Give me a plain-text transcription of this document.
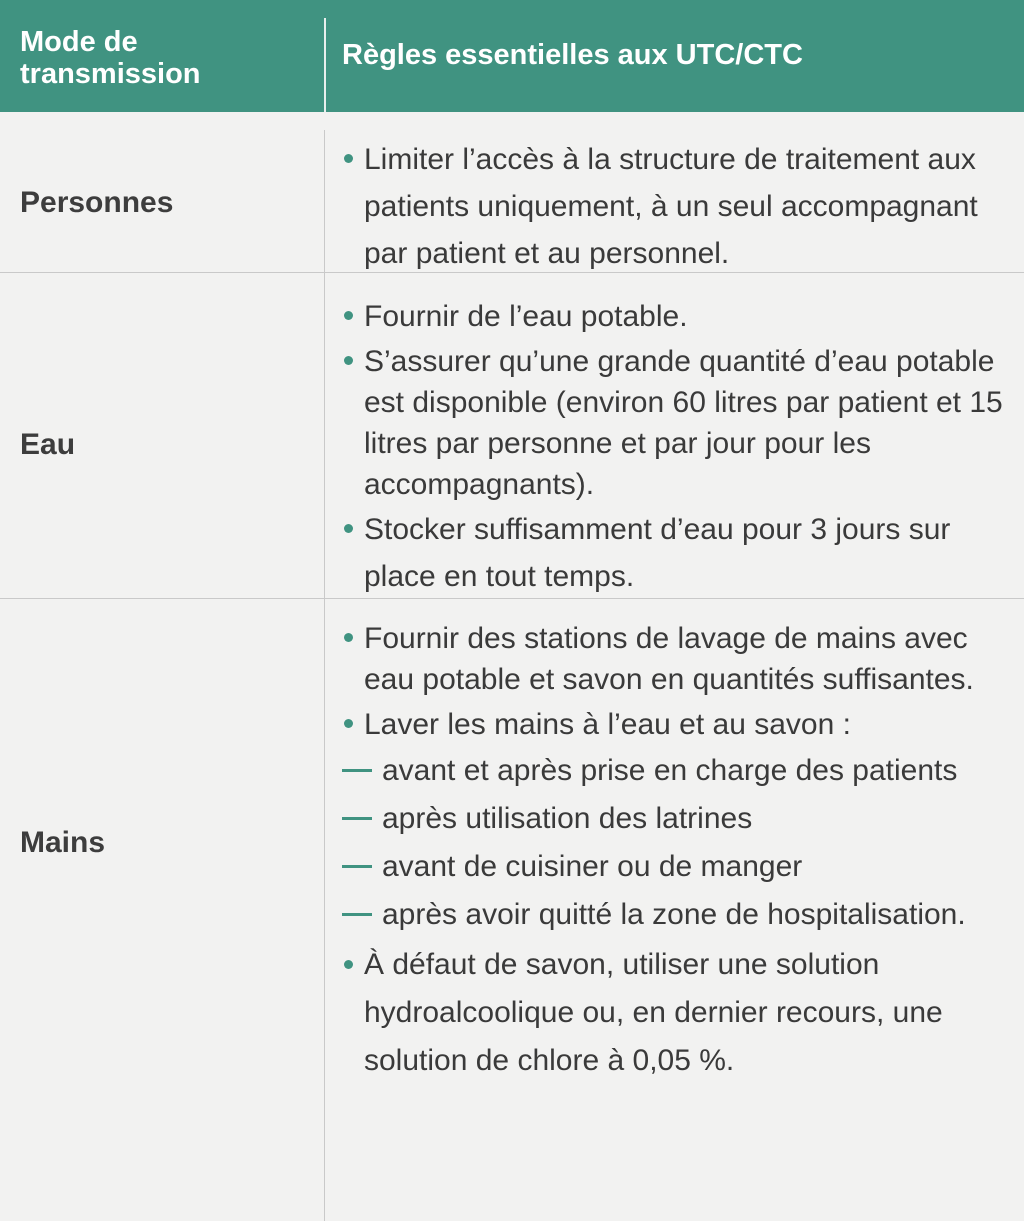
Mode de transmission
Règles essentielles aux UTC/CTC
Personnes
Limiter l’accès à la structure de traitement aux patients uniquement, à un seul accompagnant par patient et au personnel.
Eau
Fournir de l’eau potable.
S’assurer qu’une grande quantité d’eau potable est disponible (environ 60 litres par patient et 15 litres par personne et par jour pour les accompagnants).
Stocker suffisamment d’eau pour 3 jours sur place en tout temps.
Mains
Fournir des stations de lavage de mains avec eau potable et savon en quantités suffisantes.
Laver les mains à l’eau et au savon :
avant et après prise en charge des patients
après utilisation des latrines
avant de cuisiner ou de manger
après avoir quitté la zone de hospitalisation.
À défaut de savon, utiliser une solution hydroalcoolique ou, en dernier recours, une solution de chlore à 0,05 %.
